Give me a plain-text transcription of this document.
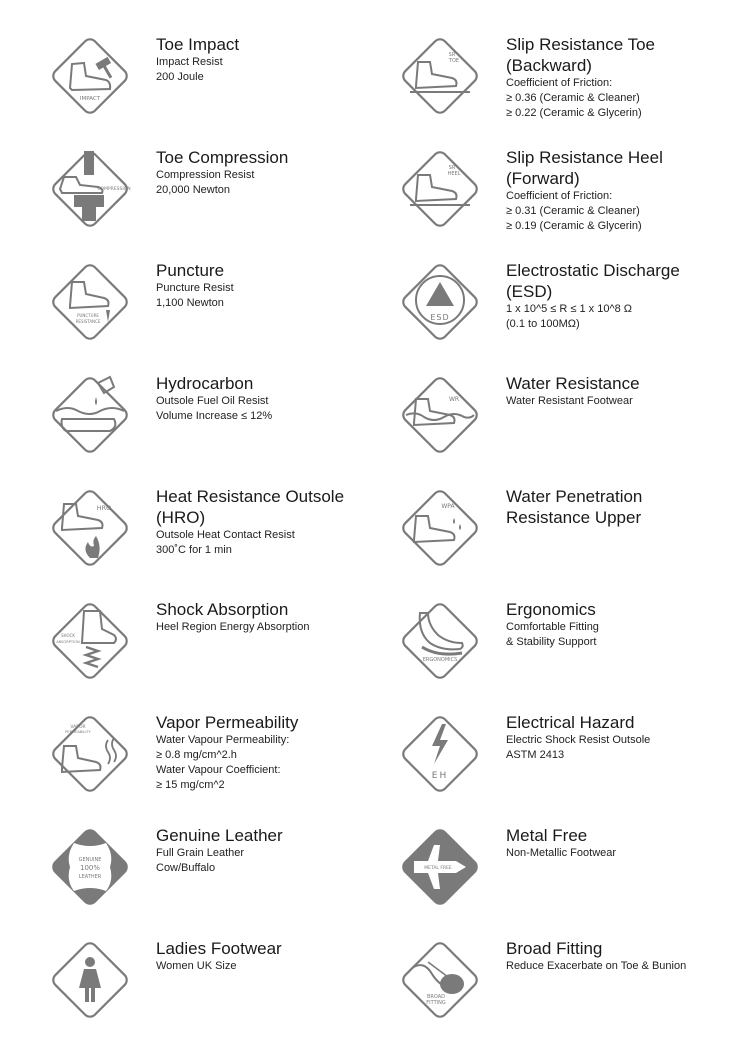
IMPACT
Toe Impact
Impact Resist
200 Joule
COMPRESSION
Toe Compression
Compression Resist
20,000 Newton
PUNCTURE
RESISTANCE
Puncture
Puncture Resist
1,100 Newton
Hydrocarbon
Outsole Fuel Oil Resist
Volume Increase ≤ 12%
HRO
Heat Resistance Outsole
(HRO)
Outsole Heat Contact Resist
300˚C for 1 min
SHOCK
ABSORPTION
Shock Absorption
Heel Region Energy Absorption
VAPOR
PERMEABILITY	Vapor Permeability
Water Vapour Permeability:
≥ 0.8 mg/cm^2.h
Water Vapour Coefficient:
≥ 15 mg/cm^2
GENUINE
100%
LEATHER
Genuine Leather
Full Grain Leather
Cow/Buffalo
Ladies Footwear
Women UK Size
SR
TOE
Slip Resistance Toe
(Backward)
Coefficient of Friction:
≥ 0.36 (Ceramic & Cleaner)
≥ 0.22 (Ceramic & Glycerin)
SR
HEEL
Slip Resistance Heel
(Forward)
Coefficient of Friction:
≥ 0.31 (Ceramic & Cleaner)
≥ 0.19 (Ceramic & Glycerin)
ESD
Electrostatic Discharge
(ESD)
1 x 10^5 ≤ R ≤ 1 x 10^8 Ω
(0.1 to 100MΩ)
WR
Water Resistance
Water Resistant Footwear
WPA
Water Penetration
Resistance Upper
ERGONOMICS
Ergonomics
Comfortable Fitting
& Stability Support
EH
Electrical Hazard
Electric Shock Resist Outsole
ASTM 2413
METAL FREE
Metal Free
Non-Metallic Footwear
BROAD
FITTING
Broad Fitting
Reduce Exacerbate on Toe & Bunion
